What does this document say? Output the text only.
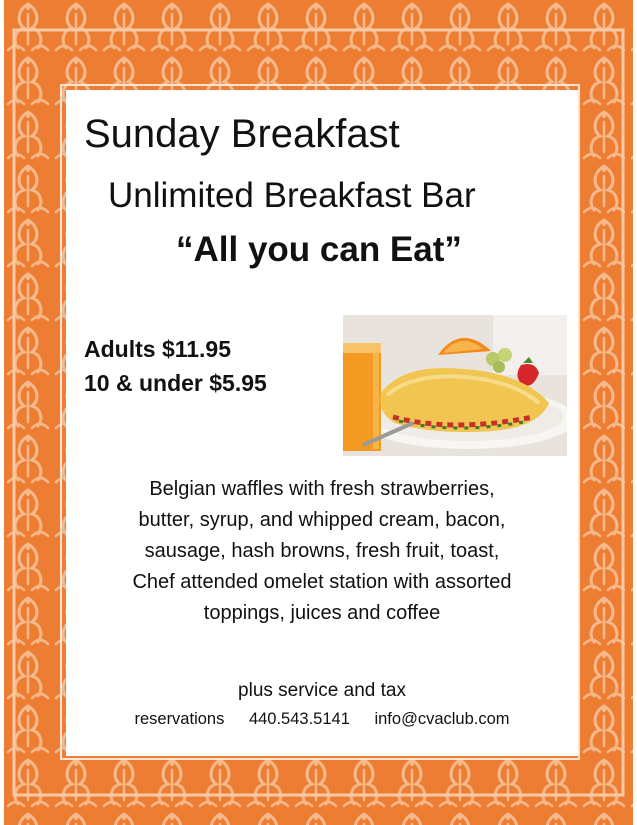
Sunday Breakfast
Unlimited Breakfast Bar
“All you can Eat”
Adults $11.95
10 & under $5.95
Belgian waffles with fresh strawberries,
butter, syrup, and whipped cream, bacon,
sausage, hash browns, fresh fruit, toast,
Chef attended omelet station with assorted
toppings, juices and coffee
plus service and tax
reservations 440.543.5141 info@cvaclub.com
